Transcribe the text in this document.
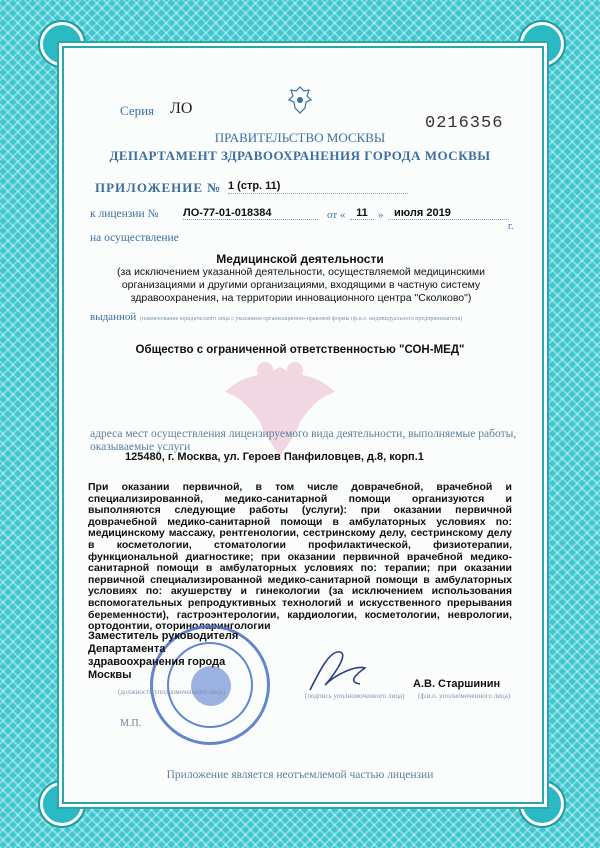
Серия ЛО
0216356
ПРАВИТЕЛЬСТВО МОСКВЫ
ДЕПАРТАМЕНТ ЗДРАВООХРАНЕНИЯ ГОРОДА МОСКВЫ
ПРИЛОЖЕНИЕ № 1 (стр. 11)
к лицензии № ЛО-77-01-018384	от « 11 » июля 2019
г.
на осуществление
Медицинской деятельности
(за исключением указанной деятельности, осуществляемой медицинскими организациями и другими организациями, входящими в частную систему здравоохранения, на территории инновационного центра "Сколково")
выданной (наименование юридического лица с указанием организационно-правовой формы (ф.и.о. индивидуального предпринимателя)
Общество с ограниченной ответственностью "СОН-МЕД"
адреса мест осуществления лицензируемого вида деятельности, выполняемые работы, оказываемые услуги
125480, г. Москва, ул. Героев Панфиловцев, д.8, корп.1
При оказании первичной, в том числе доврачебной, врачебной и специализированной, медико-санитарной помощи организуются и выполняются следующие работы (услуги): при оказании первичной доврачебной медико-санитарной помощи в амбулаторных условиях по: медицинскому массажу, рентгенологии, сестринскому делу, сестринскому делу в косметологии, стоматологии профилактической, физиотерапии, функциональной диагностике; при оказании первичной врачебной медико-санитарной помощи в амбулаторных условиях по: терапии; при оказании первичной специализированной медико-санитарной помощи в амбулаторных условиях по: акушерству и гинекологии (за исключением использования вспомогательных репродуктивных технологий и искусственного прерывания беременности), гастроэнтерологии, кардиологии, косметологии, неврологии, ортодонтии, оториноларингологии
Заместитель руководителя
Департамента
здравоохранения города
Москвы
(должность уполномоченного лица)	(подпись уполномоченного лица)
А.В. Старшинин
(ф.и.о. уполномоченного лица)
М.П.
Приложение является неотъемлемой частью лицензии
